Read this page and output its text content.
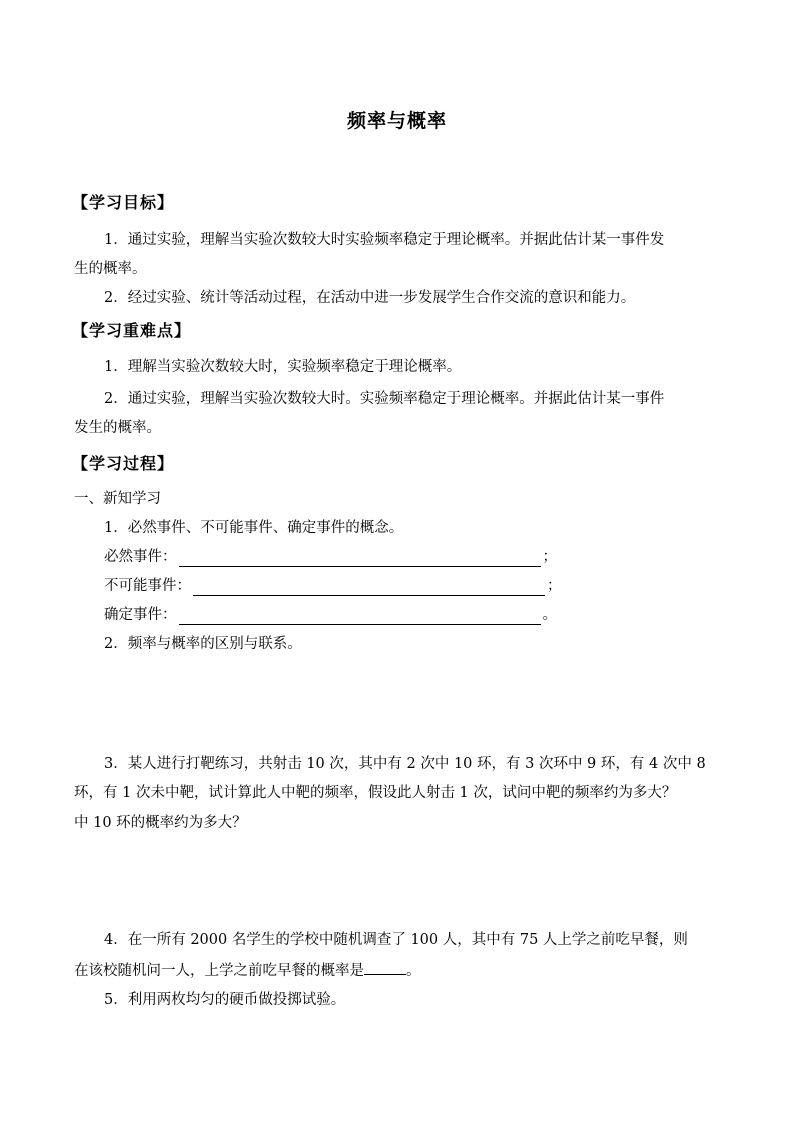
频率与概率
【学习目标】
1．通过实验，理解当实验次数较大时实验频率稳定于理论概率。并据此估计某一事件发
生的概率。
2．经过实验、统计等活动过程，在活动中进一步发展学生合作交流的意识和能力。
【学习重难点】
1．理解当实验次数较大时，实验频率稳定于理论概率。
2．通过实验，理解当实验次数较大时。实验频率稳定于理论概率。并据此估计某一事件
发生的概率。
【学习过程】
一、新知学习
1．必然事件、不可能事件、确定事件的概念。
必然事件：	；
不可能事件：	；
确定事件：	。
2．频率与概率的区别与联系。
3．某人进行打靶练习，共射击 10 次，其中有 2 次中 10 环，有 3 次环中 9 环，有 4 次中 8
环，有 1 次未中靶，试计算此人中靶的频率，假设此人射击 1 次，试问中靶的频率约为多大？
中 10 环的概率约为多大？
4．在一所有 2000 名学生的学校中随机调查了 100 人，其中有 75 人上学之前吃早餐，则
在该校随机问一人，上学之前吃早餐的概率是	。
5．利用两枚均匀的硬币做投掷试验。
